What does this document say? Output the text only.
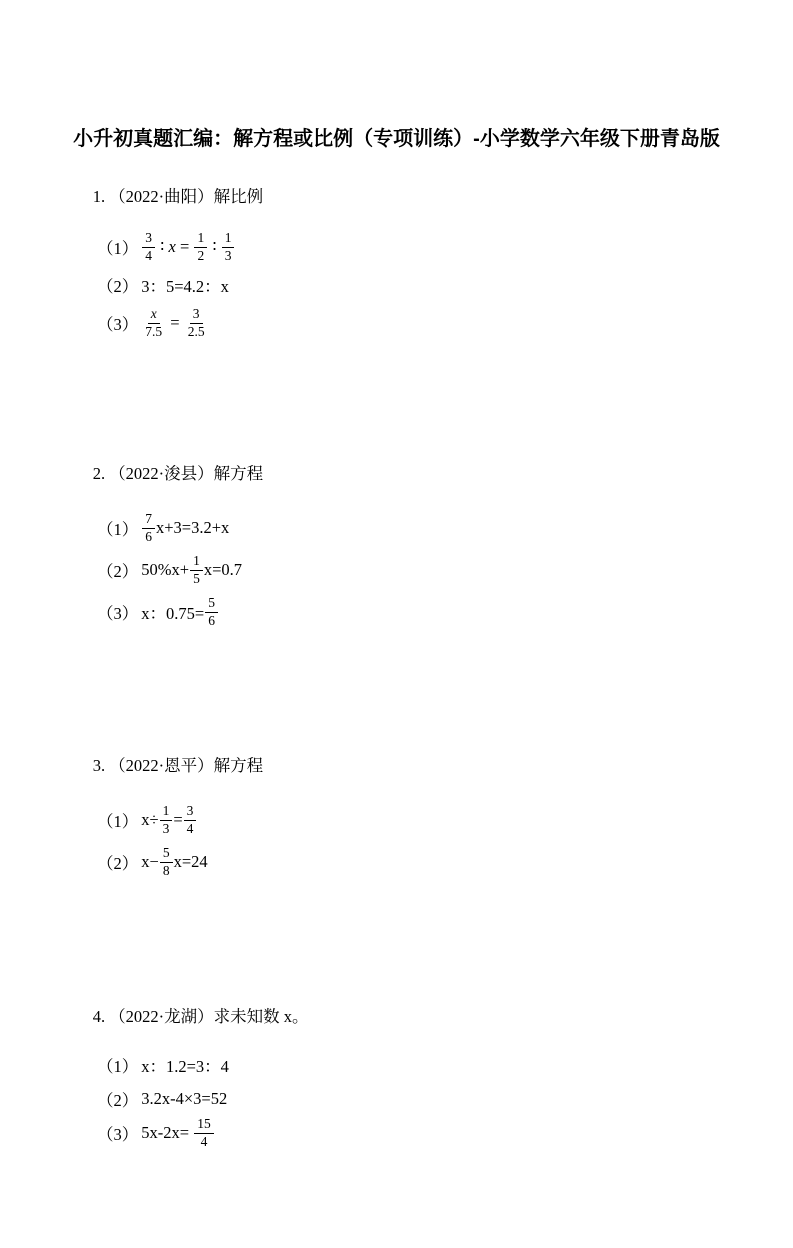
小升初真题汇编：解方程或比例（专项训练）-小学数学六年级下册青岛版

1. （2022·曲阳）解比例

$(1) \frac{3}{4}$ ∶ $x = \frac{1}{2}$ ∶ $\frac{1}{3}$
（2） 3：5=4.2：x
$(3) \frac{x}{7.5} = \frac{3}{2.5}$

2. （2022·浚县）解方程

$(1) \frac{7}{6} x+3=3.2+x$
（2） $50\%x+ \frac{1}{5} x=0.7$
（3） x：$0.75= \frac{5}{6}$

3. （2022·恩平）解方程

（1） $x\div \frac{1}{3} = \frac{3}{4}$
（2） $x- \frac{5}{8} x=24$

4. （2022·龙湖）求未知数 x。

（1） x：1.2=3：4
（2） 3.2x-4×3=52
（3） $5x-2x= \frac{15}{4}$
